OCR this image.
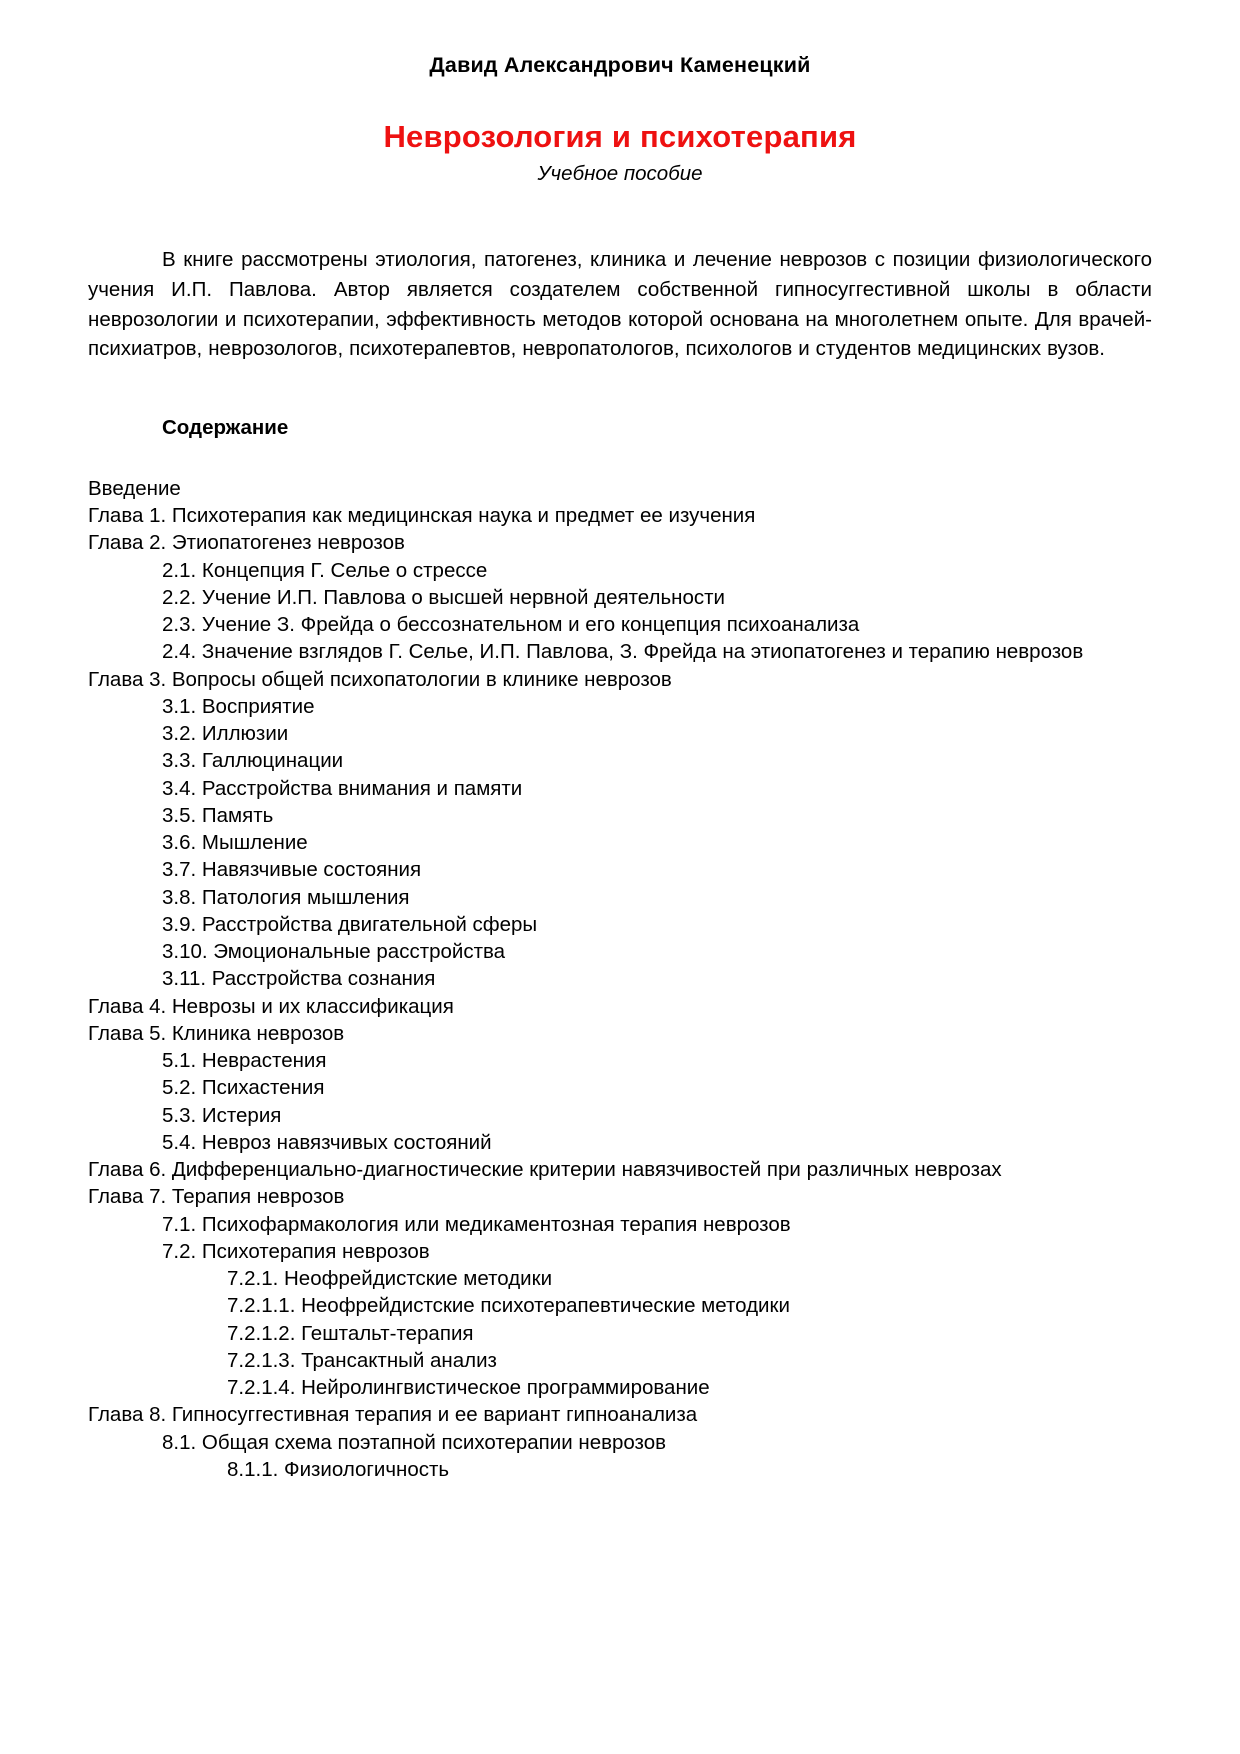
Давид Александрович Каменецкий
Неврозология и психотерапия
Учебное пособие

В книге рассмотрены этиология, патогенез, клиника и лечение неврозов с позиции физиологического учения И.П. Павлова. Автор является создателем собственной гипносуггестивной школы в области неврозологии и психотерапии, эффективность методов которой основана на многолетнем опыте. Для врачей-психиатров, неврозологов, психотерапевтов, невропатологов, психологов и студентов медицинских вузов.

Содержание
Введение
Глава 1. Психотерапия как медицинская наука и предмет ее изучения
Глава 2. Этиопатогенез неврозов
2.1. Концепция Г. Селье о стрессе
2.2. Учение И.П. Павлова о высшей нервной деятельности
2.3. Учение З. Фрейда о бессознательном и его концепция психоанализа
2.4. Значение взглядов Г. Селье, И.П. Павлова, З. Фрейда на этиопатогенез и терапию неврозов
Глава 3. Вопросы общей психопатологии в клинике неврозов
3.1. Восприятие
3.2. Иллюзии
3.3. Галлюцинации
3.4. Расстройства внимания и памяти
3.5. Память
3.6. Мышление
3.7. Навязчивые состояния
3.8. Патология мышления
3.9. Расстройства двигательной сферы
3.10. Эмоциональные расстройства
3.11. Расстройства сознания
Глава 4. Неврозы и их классификация
Глава 5. Клиника неврозов
5.1. Неврастения
5.2. Психастения
5.3. Истерия
5.4. Невроз навязчивых состояний
Глава 6. Дифференциально-диагностические критерии навязчивостей при различных неврозах
Глава 7. Терапия неврозов
7.1. Психофармакология или медикаментозная терапия неврозов
7.2. Психотерапия неврозов
7.2.1. Неофрейдистские методики
7.2.1.1. Неофрейдистские психотерапевтические методики
7.2.1.2. Гештальт-терапия
7.2.1.3. Трансактный анализ
7.2.1.4. Нейролингвистическое программирование
Глава 8. Гипносуггестивная терапия и ее вариант гипноанализа
8.1. Общая схема поэтапной психотерапии неврозов
8.1.1. Физиологичность
